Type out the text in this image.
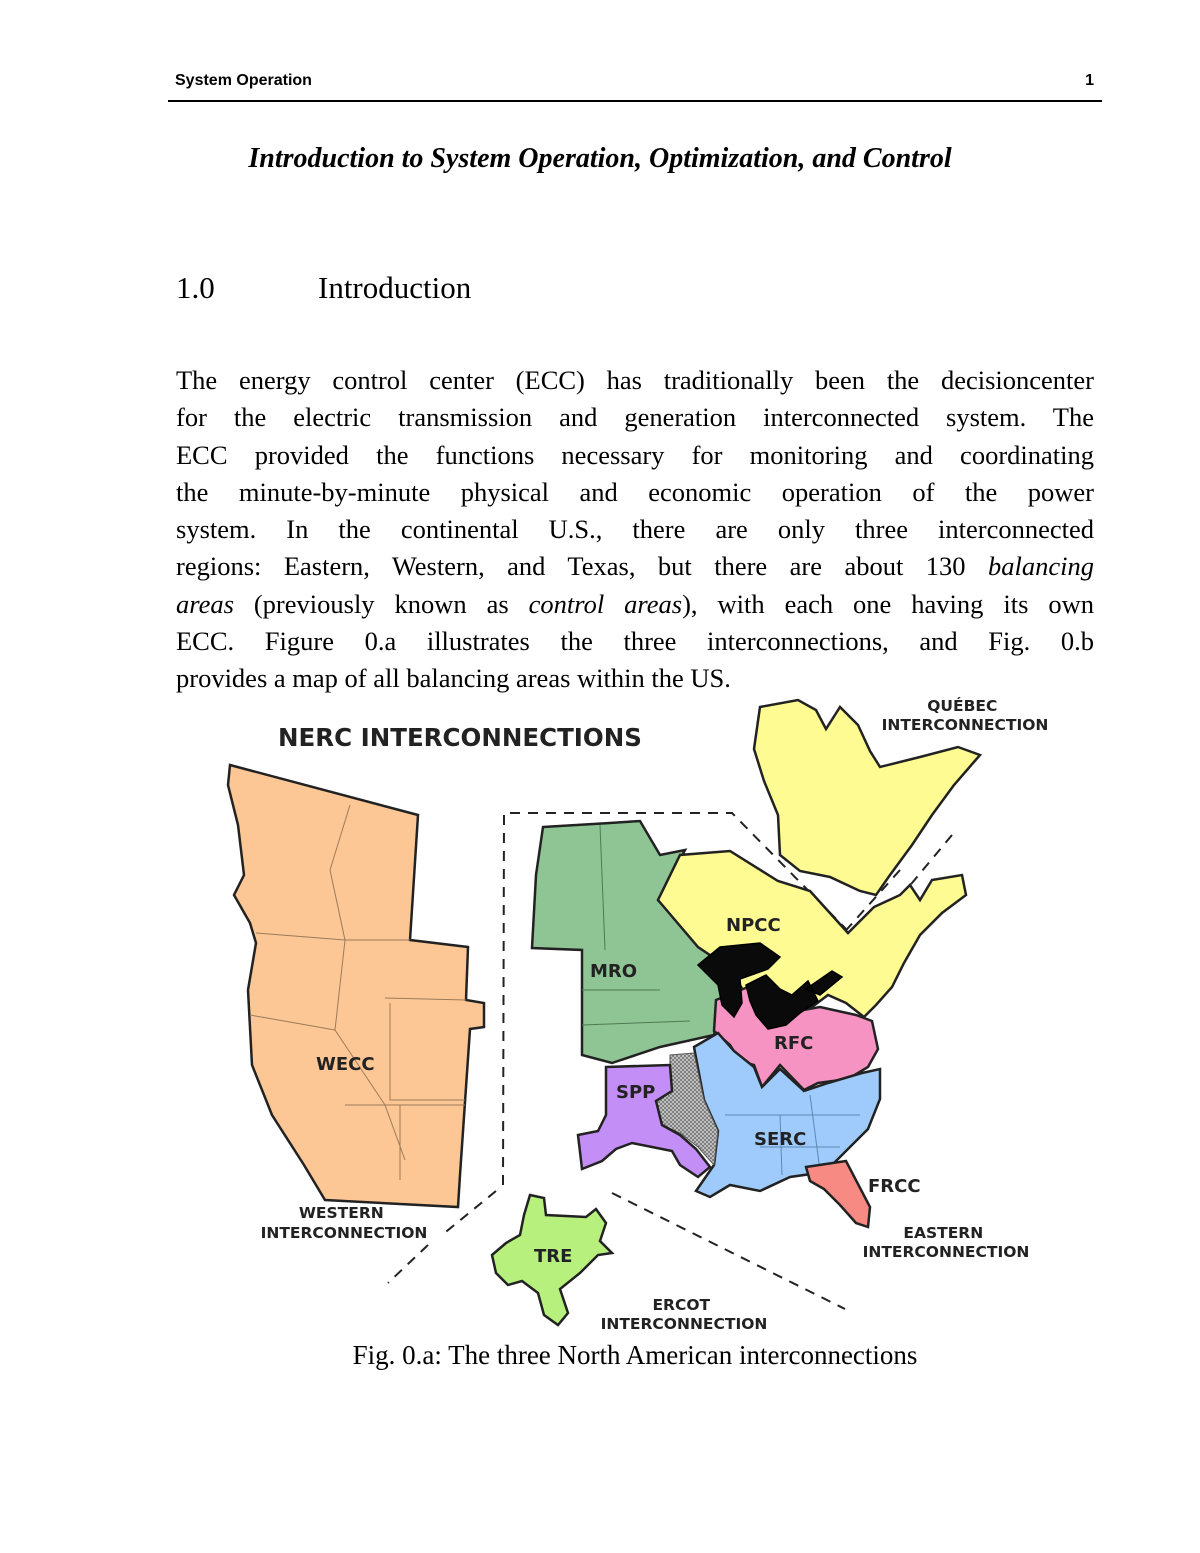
System Operation	1
Introduction to System Operation, Optimization, and Control
1.0	Introduction
The energy control center (ECC) has traditionally been the decisioncenter
for the electric transmission and generation interconnected system. The
ECC provided the functions necessary for monitoring and coordinating
the minute-by-minute physical and economic operation of the power
system. In the continental U.S., there are only three interconnected
regions: Eastern, Western, and Texas, but there are about 130 balancing
areas (previously known as control areas), with each one having its own
ECC. Figure 0.a illustrates the three interconnections, and Fig. 0.b
provides a map of all balancing areas within the US.
NERC INTERCONNECTIONS
WECC
MRO
NPCC
RFC
SPP
SERC
FRCC
TRE
QUÉBEC INTERCONNECTION
WESTERN INTERCONNECTION	EASTERN INTERCONNECTION
ERCOT INTERCONNECTION
Fig. 0.a: The three North American interconnections
